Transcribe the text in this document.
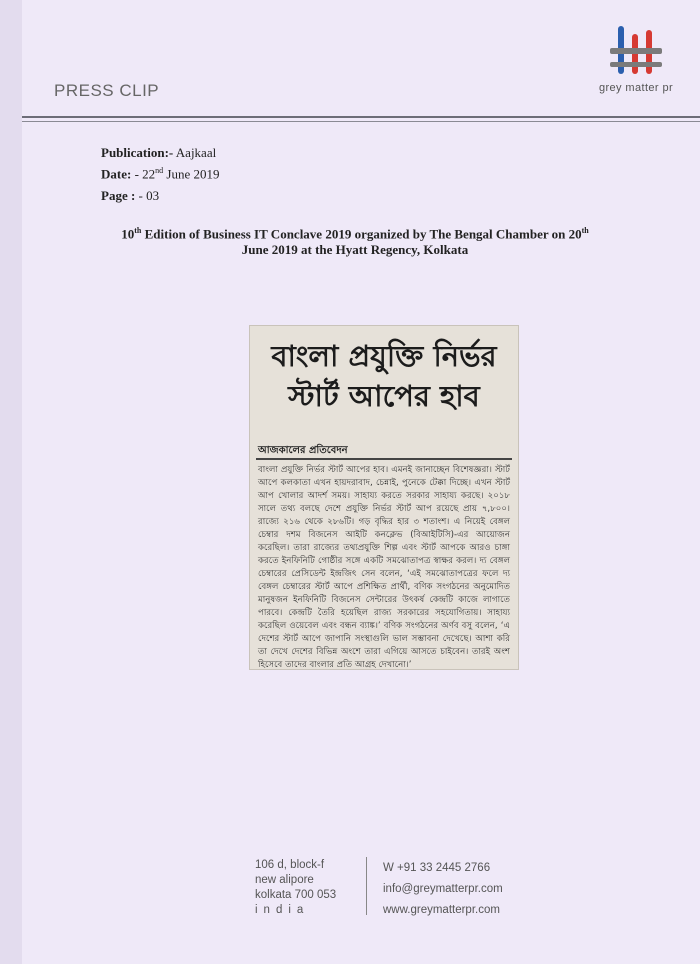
PRESS CLIP	grey matter pr
Publication:- Aajkaal
Date: - 22nd June 2019
Page : - 03
10th Edition of Business IT Conclave 2019 organized by The Bengal Chamber on 20th
June 2019 at the Hyatt Regency, Kolkata
বাংলা প্রযুক্তি নির্ভর
স্টার্ট আপের হাব
আজকালের প্রতিবেদন
বাংলা প্রযুক্তি নির্ভর স্টার্ট আপের হাব। এমনই জানাচ্ছেন বিশেষজ্ঞরা। স্টার্ট আপে কলকাতা এখন হায়দরাবাদ, চেন্নাই, পুনেকে টেক্কা দিচ্ছে। এখন স্টার্ট আপ খোলার আদর্শ সময়। সাহায্য করতে সরকার সাহায্য করছে। ২০১৮ সালে তথ্য বলছে দেশে প্রযুক্তি নির্ভর স্টার্ট আপ রয়েছে প্রায় ৭,৮০০। রাজ্যে ২১৬ থেকে ২৮৬টি। গড় বৃদ্ধির হার ৩ শতাংশ। এ নিয়েই বেঙ্গল চেম্বার দশম বিজনেস আইটি কনক্লেভ (বিআইটিসি)-এর আয়োজন করেছিল। তারা রাজ্যের তথ্যপ্রযুক্তি শিল্প এবং স্টার্ট আপকে আরও চাঙ্গা করতে ইনফিনিটি গোষ্ঠীর সঙ্গে একটি সমঝোতাপত্র স্বাক্ষর করল। দ্য বেঙ্গল চেম্বারের প্রেসিডেন্ট ইন্দ্রজিৎ সেন বলেন, ‘এই সমঝোতাপত্রের ফলে দ্য বেঙ্গল চেম্বারের স্টার্ট আপে প্রশিক্ষিত প্রার্থী, বণিক সংগঠনের অনুমোদিত মানুষজন ইনফিনিটি বিজনেস সেন্টারের উৎকর্ষ কেন্দ্রটি কাজে লাগাতে পারবে। কেন্দ্রটি তৈরি হয়েছিল রাজ্য সরকারের সহযোগিতায়। সাহায্য করেছিল ওয়েবেল এবং বন্ধন ব্যাঙ্ক।’ বণিক সংগঠনের অর্ণব বসু বলেন, ‘এ দেশের স্টার্ট আপে জাপানি সংস্থাগুলি ভাল সম্ভাবনা দেখেছে। আশা করি তা দেখে দেশের বিভিন্ন অংশে তারা এগিয়ে আসতে চাইবেন। তারই অংশ হিসেবে তাদের বাংলার প্রতি আগ্রহ দেখানো।’
106 d, block-f
new alipore
kolkata 700 053
india
W +91 33 2445 2766
info@greymatterpr.com
www.greymatterpr.com
